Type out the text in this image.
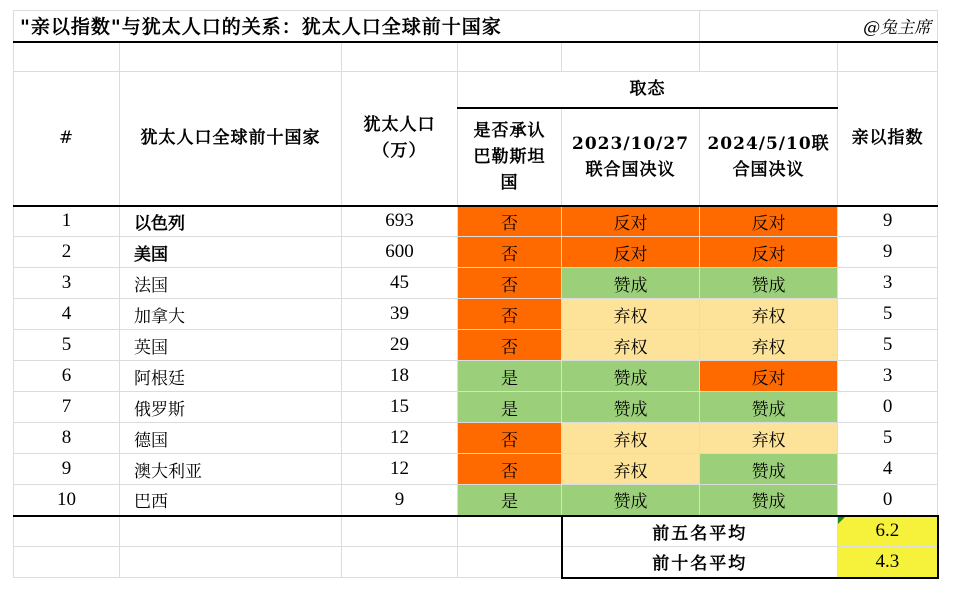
"亲以指数"与犹太人口的关系：犹太人口全球前十国家					@兔主席	

#	犹太人口全球前十国家	犹太人口（万）	取态			亲以指数

			是否承认巴勒斯坦国	2023/10/27联合国决议	2024/5/10联合国决议	

1	以色列	693	否	反对	反对	9
2	美国	600	否	反对	反对	9
3	法国	45	否	赞成	赞成	3
4	加拿大	39	否	弃权	弃权	5
5	英国	29	否	弃权	弃权	5
6	阿根廷	18	是	赞成	反对	3
7	俄罗斯	15	是	赞成	赞成	0
8	德国	12	否	弃权	弃权	5
9	澳大利亚	12	否	弃权	赞成	4
10	巴西	9	是	赞成	赞成	0
				前五名平均		6.2
				前十名平均		4.3
